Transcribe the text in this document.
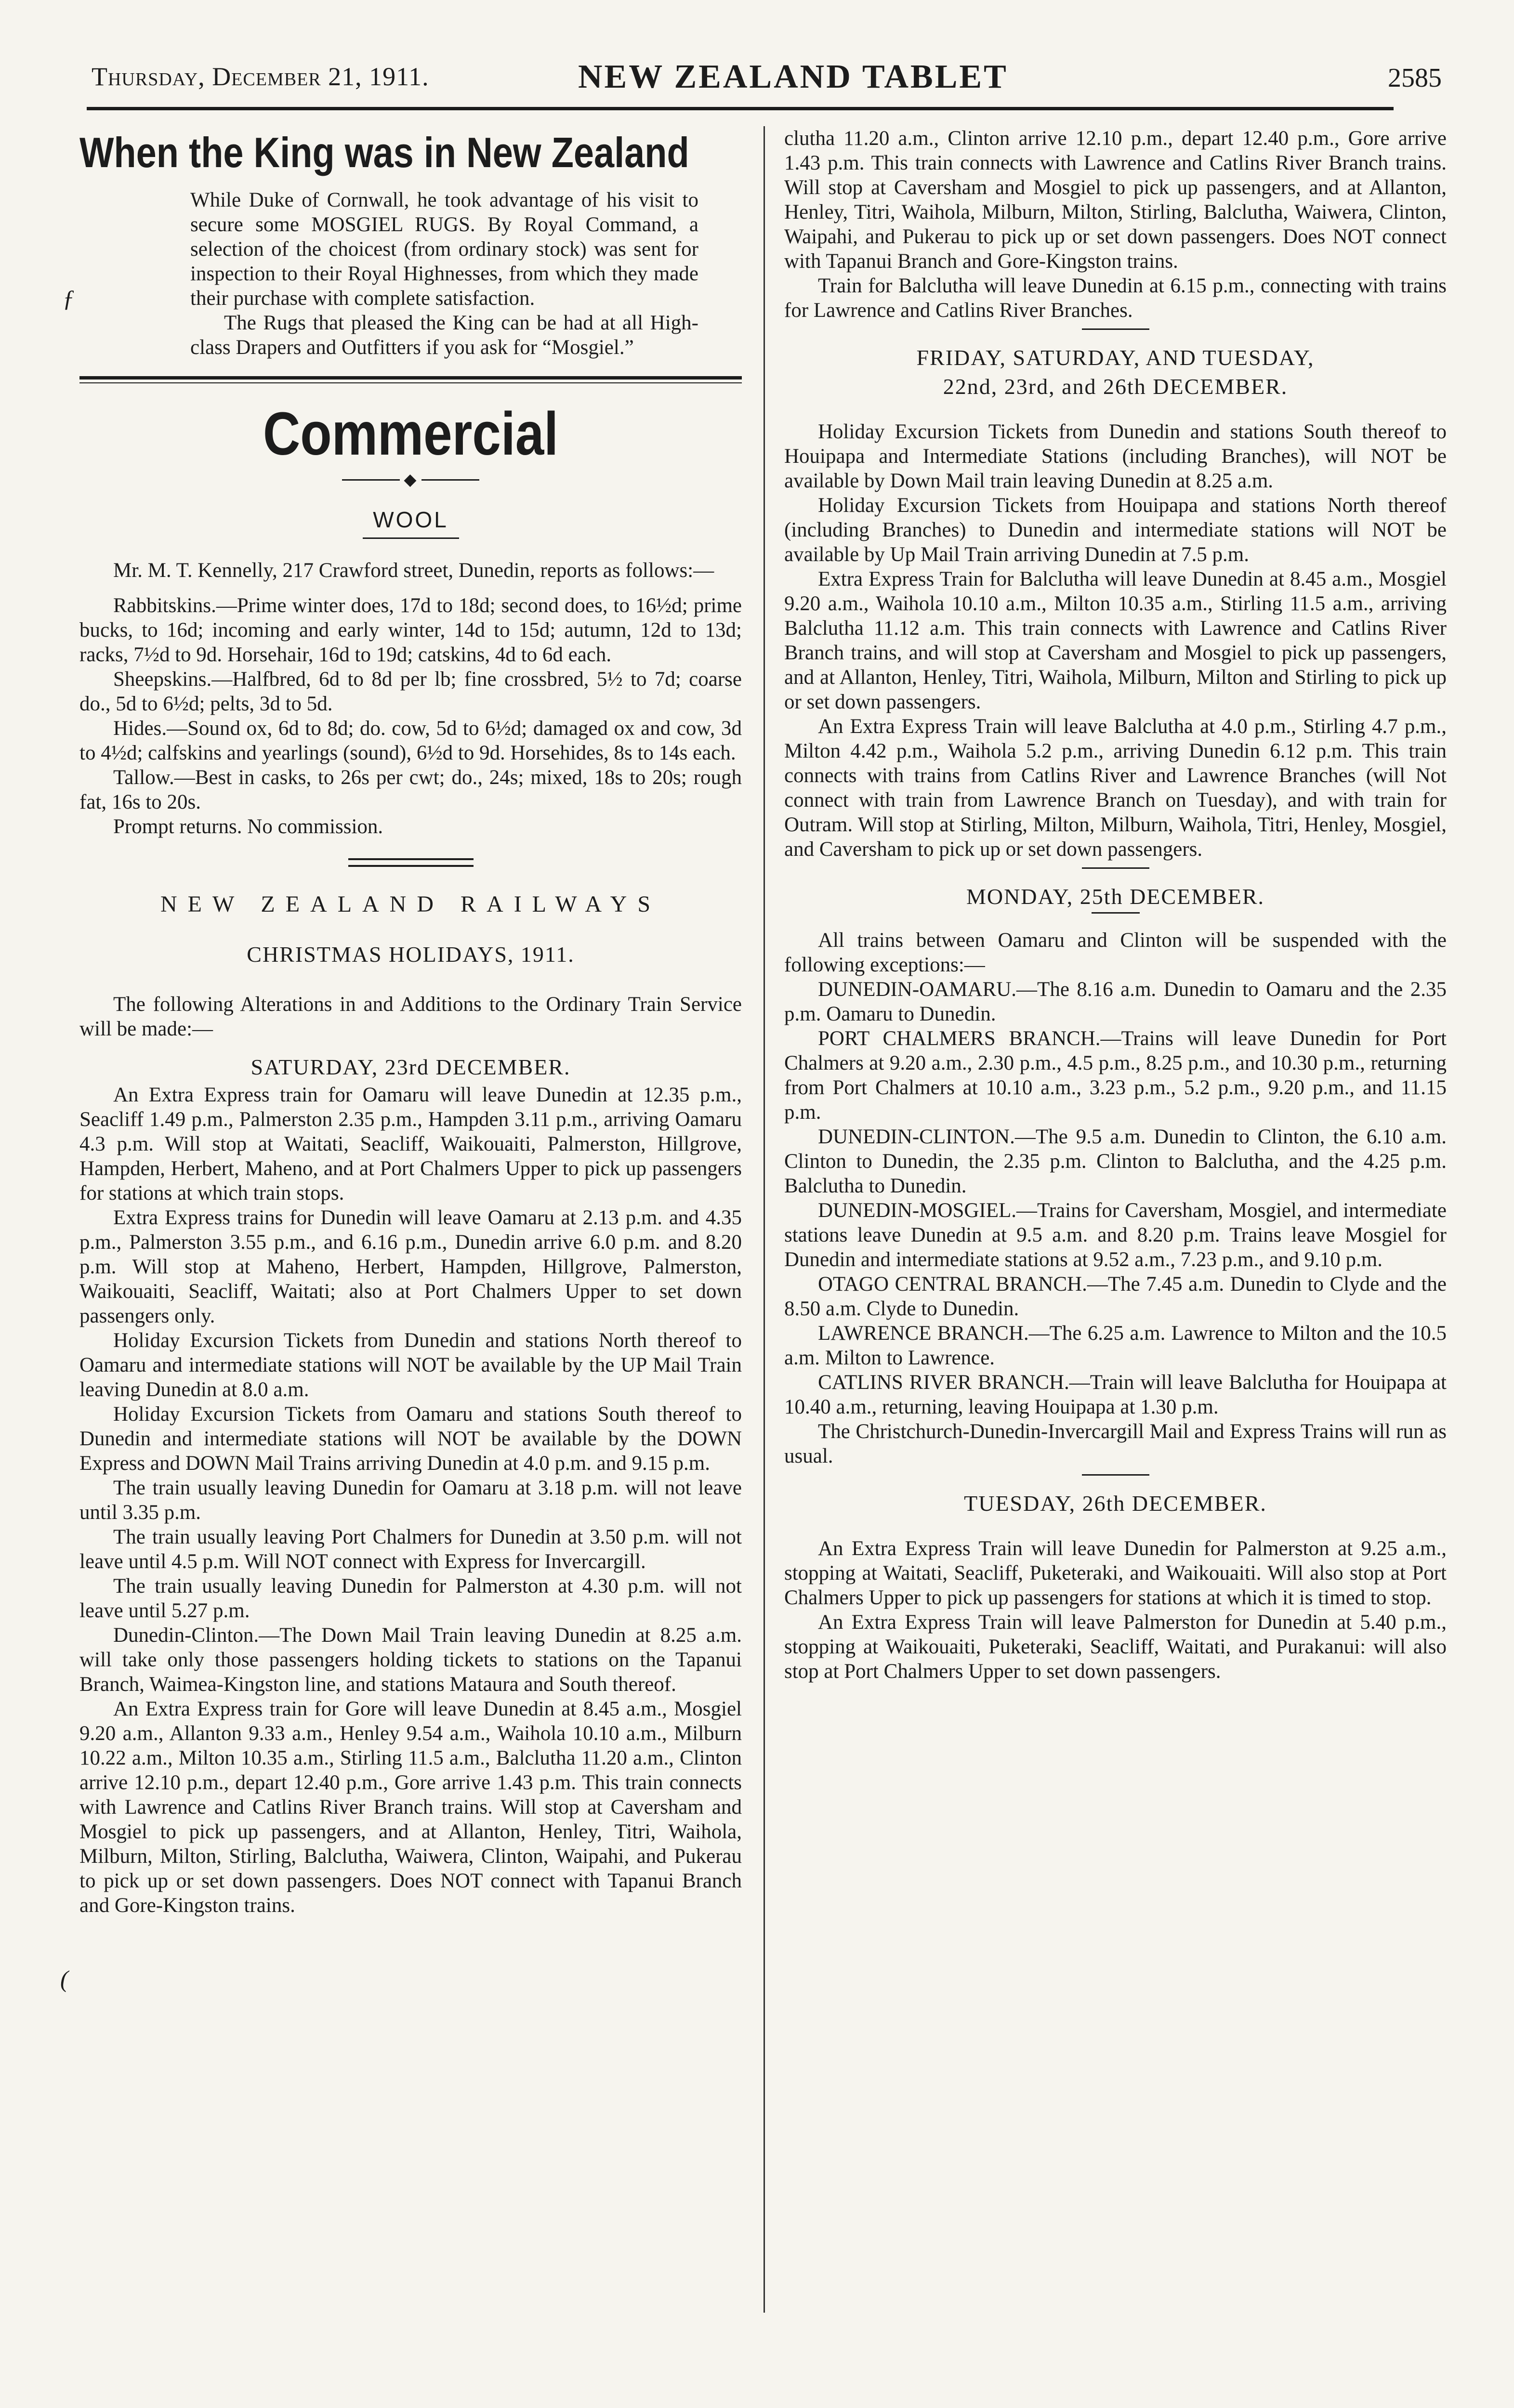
Thursday, December 21, 1911.	NEW ZEALAND TABLET	2585
ƒ
(

When the King was in New Zealand

While Duke of Cornwall, he took advantage of his visit to secure some MOSGIEL RUGS. By Royal Command, a selection of the choicest (from ordinary stock) was sent for inspection to their Royal Highnesses, from which they made their purchase with complete satisfaction.

The Rugs that pleased the King can be had at all High-class Drapers and Outfitters if you ask for “Mosgiel.”

Commercial

◆

WOOL

Mr. M. T. Kennelly, 217 Crawford street, Dunedin, reports as follows:—

Rabbitskins.—Prime winter does, 17d to 18d; second does, to 16½d; prime bucks, to 16d; incoming and early winter, 14d to 15d; autumn, 12d to 13d; racks, 7½d to 9d. Horsehair, 16d to 19d; catskins, 4d to 6d each.

Sheepskins.—Halfbred, 6d to 8d per lb; fine crossbred, 5½ to 7d; coarse do., 5d to 6½d; pelts, 3d to 5d.

Hides.—Sound ox, 6d to 8d; do. cow, 5d to 6½d; damaged ox and cow, 3d to 4½d; calfskins and yearlings (sound), 6½d to 9d. Horsehides, 8s to 14s each.

Tallow.—Best in casks, to 26s per cwt; do., 24s; mixed, 18s to 20s; rough fat, 16s to 20s.

Prompt returns. No commission.

NEW ZEALAND RAILWAYS

CHRISTMAS HOLIDAYS, 1911.

The following Alterations in and Additions to the Ordinary Train Service will be made:—

SATURDAY, 23rd DECEMBER.

An Extra Express train for Oamaru will leave Dunedin at 12.35 p.m., Seacliff 1.49 p.m., Palmerston 2.35 p.m., Hampden 3.11 p.m., arriving Oamaru 4.3 p.m. Will stop at Waitati, Seacliff, Waikouaiti, Palmerston, Hillgrove, Hampden, Herbert, Maheno, and at Port Chalmers Upper to pick up passengers for stations at which train stops.

Extra Express trains for Dunedin will leave Oamaru at 2.13 p.m. and 4.35 p.m., Palmerston 3.55 p.m., and 6.16 p.m., Dunedin arrive 6.0 p.m. and 8.20 p.m. Will stop at Maheno, Herbert, Hampden, Hillgrove, Palmerston, Waikouaiti, Seacliff, Waitati; also at Port Chalmers Upper to set down passengers only.

Holiday Excursion Tickets from Dunedin and stations North thereof to Oamaru and intermediate stations will NOT be available by the UP Mail Train leaving Dunedin at 8.0 a.m.

Holiday Excursion Tickets from Oamaru and stations South thereof to Dunedin and intermediate stations will NOT be available by the DOWN Express and DOWN Mail Trains arriving Dunedin at 4.0 p.m. and 9.15 p.m.

The train usually leaving Dunedin for Oamaru at 3.18 p.m. will not leave until 3.35 p.m.

The train usually leaving Port Chalmers for Dunedin at 3.50 p.m. will not leave until 4.5 p.m. Will NOT connect with Express for Invercargill.

The train usually leaving Dunedin for Palmerston at 4.30 p.m. will not leave until 5.27 p.m.

Dunedin-Clinton.—The Down Mail Train leaving Dunedin at 8.25 a.m. will take only those passengers holding tickets to stations on the Tapanui Branch, Waimea-Kingston line, and stations Mataura and South thereof.

An Extra Express train for Gore will leave Dunedin at 8.45 a.m., Mosgiel 9.20 a.m., Allanton 9.33 a.m., Henley 9.54 a.m., Waihola 10.10 a.m., Milburn 10.22 a.m., Milton 10.35 a.m., Stirling 11.5 a.m., Balclutha 11.20 a.m., Clinton arrive 12.10 p.m., depart 12.40 p.m., Gore arrive 1.43 p.m. This train connects with Lawrence and Catlins River Branch trains. Will stop at Caversham and Mosgiel to pick up passengers, and at Allanton, Henley, Titri, Waihola, Milburn, Milton, Stirling, Balclutha, Waiwera, Clinton, Waipahi, and Pukerau to pick up or set down passengers. Does NOT connect with Tapanui Branch and Gore-Kingston trains.

clutha 11.20 a.m., Clinton arrive 12.10 p.m., depart 12.40 p.m., Gore arrive 1.43 p.m. This train connects with Lawrence and Catlins River Branch trains. Will stop at Caversham and Mosgiel to pick up passengers, and at Allanton, Henley, Titri, Waihola, Milburn, Milton, Stirling, Balclutha, Waiwera, Clinton, Waipahi, and Pukerau to pick up or set down passengers. Does NOT connect with Tapanui Branch and Gore-Kingston trains.

Train for Balclutha will leave Dunedin at 6.15 p.m., connecting with trains for Lawrence and Catlins River Branches.

FRIDAY, SATURDAY, AND TUESDAY,

22nd, 23rd, and 26th DECEMBER.

Holiday Excursion Tickets from Dunedin and stations South thereof to Houipapa and Intermediate Stations (including Branches), will NOT be available by Down Mail train leaving Dunedin at 8.25 a.m.

Holiday Excursion Tickets from Houipapa and stations North thereof (including Branches) to Dunedin and intermediate stations will NOT be available by Up Mail Train arriving Dunedin at 7.5 p.m.

Extra Express Train for Balclutha will leave Dunedin at 8.45 a.m., Mosgiel 9.20 a.m., Waihola 10.10 a.m., Milton 10.35 a.m., Stirling 11.5 a.m., arriving Balclutha 11.12 a.m. This train connects with Lawrence and Catlins River Branch trains, and will stop at Caversham and Mosgiel to pick up passengers, and at Allanton, Henley, Titri, Waihola, Milburn, Milton and Stirling to pick up or set down passengers.

An Extra Express Train will leave Balclutha at 4.0 p.m., Stirling 4.7 p.m., Milton 4.42 p.m., Waihola 5.2 p.m., arriving Dunedin 6.12 p.m. This train connects with trains from Catlins River and Lawrence Branches (will Not connect with train from Lawrence Branch on Tuesday), and with train for Outram. Will stop at Stirling, Milton, Milburn, Waihola, Titri, Henley, Mosgiel, and Caversham to pick up or set down passengers.

MONDAY, 25th DECEMBER.

All trains between Oamaru and Clinton will be suspended with the following exceptions:—

DUNEDIN-OAMARU.—The 8.16 a.m. Dunedin to Oamaru and the 2.35 p.m. Oamaru to Dunedin.

PORT CHALMERS BRANCH.—Trains will leave Dunedin for Port Chalmers at 9.20 a.m., 2.30 p.m., 4.5 p.m., 8.25 p.m., and 10.30 p.m., returning from Port Chalmers at 10.10 a.m., 3.23 p.m., 5.2 p.m., 9.20 p.m., and 11.15 p.m.

DUNEDIN-CLINTON.—The 9.5 a.m. Dunedin to Clinton, the 6.10 a.m. Clinton to Dunedin, the 2.35 p.m. Clinton to Balclutha, and the 4.25 p.m. Balclutha to Dunedin.

DUNEDIN-MOSGIEL.—Trains for Caversham, Mosgiel, and intermediate stations leave Dunedin at 9.5 a.m. and 8.20 p.m. Trains leave Mosgiel for Dunedin and intermediate stations at 9.52 a.m., 7.23 p.m., and 9.10 p.m.

OTAGO CENTRAL BRANCH.—The 7.45 a.m. Dunedin to Clyde and the 8.50 a.m. Clyde to Dunedin.

LAWRENCE BRANCH.—The 6.25 a.m. Lawrence to Milton and the 10.5 a.m. Milton to Lawrence.

CATLINS RIVER BRANCH.—Train will leave Balclutha for Houipapa at 10.40 a.m., returning, leaving Houipapa at 1.30 p.m.

The Christchurch-Dunedin-Invercargill Mail and Express Trains will run as usual.

TUESDAY, 26th DECEMBER.

An Extra Express Train will leave Dunedin for Palmerston at 9.25 a.m., stopping at Waitati, Seacliff, Puketeraki, and Waikouaiti. Will also stop at Port Chalmers Upper to pick up passengers for stations at which it is timed to stop.

An Extra Express Train will leave Palmerston for Dunedin at 5.40 p.m., stopping at Waikouaiti, Puketeraki, Seacliff, Waitati, and Purakanui: will also stop at Port Chalmers Upper to set down passengers.
